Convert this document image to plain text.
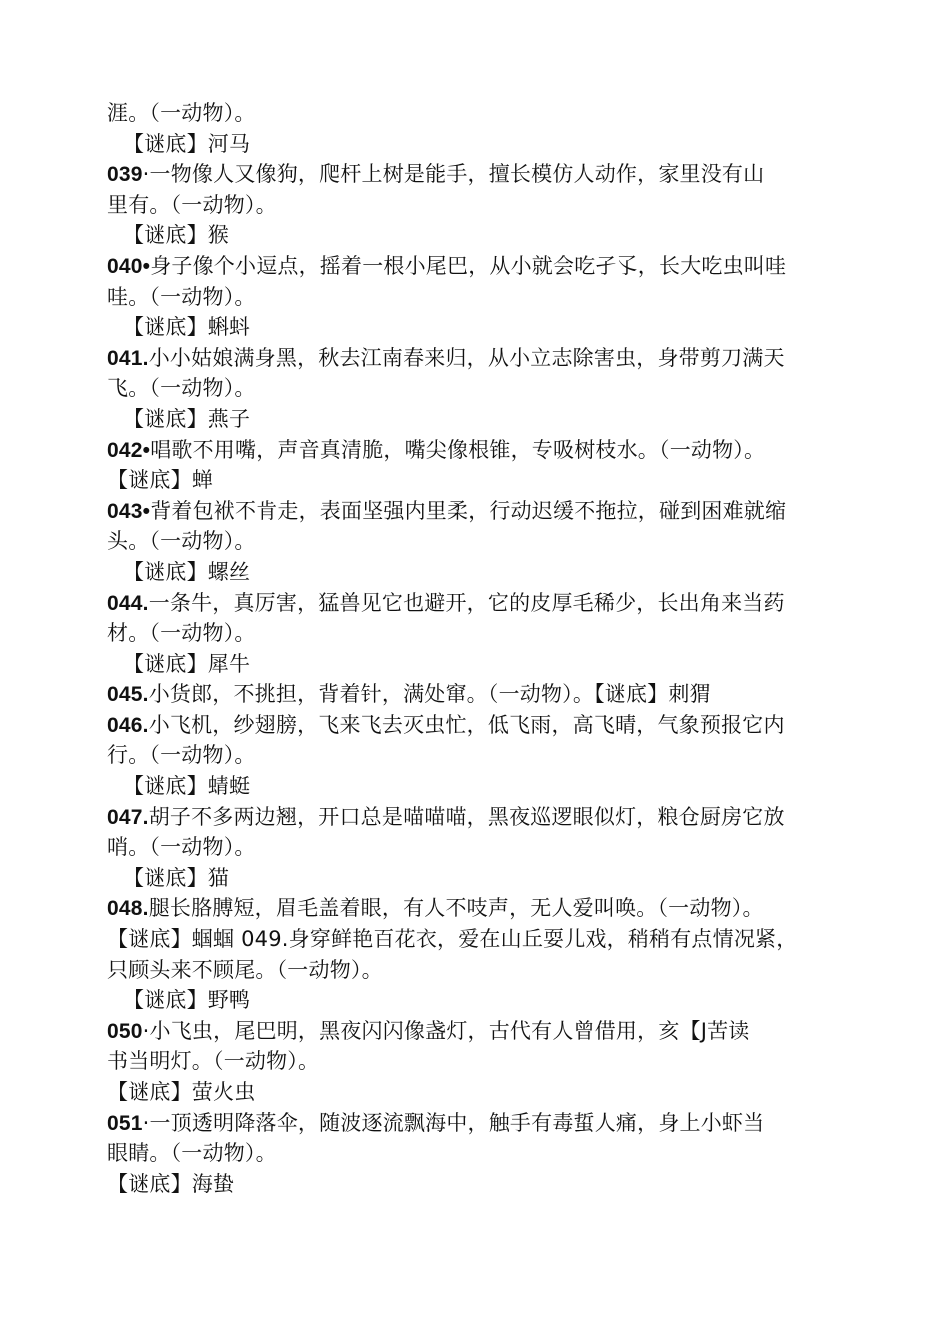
涯。（一动物）。
【谜底】河马
039·一物像人又像狗，爬杆上树是能手，擅长模仿人动作，家里没有山
里有。（一动物）。
【谜底】猴
040•身子像个小逗点，摇着一根小尾巴，从小就会吃孑孓，长大吃虫叫哇
哇。（一动物）。
【谜底】蝌蚪
041.小小姑娘满身黑，秋去江南春来归，从小立志除害虫，身带剪刀满天
飞。（一动物）。
【谜底】燕子
042•唱歌不用嘴，声音真清脆，嘴尖像根锥，专吸树枝水。（一动物）。
【谜底】蝉
043•背着包袱不肯走，表面坚强内里柔，行动迟缓不拖拉，碰到困难就缩
头。（一动物）。
【谜底】螺丝
044.一条牛，真厉害，猛兽见它也避开，它的皮厚毛稀少，长出角来当药
材。（一动物）。
【谜底】犀牛
045.小货郎，不挑担，背着针，满处窜。（一动物）。【谜底】刺猬
046.小飞机，纱翅膀，飞来飞去灭虫忙，低飞雨，高飞晴，气象预报它内
行。（一动物）。
【谜底】蜻蜓
047.胡子不多两边翘，开口总是喵喵喵，黑夜巡逻眼似灯，粮仓厨房它放
哨。（一动物）。
【谜底】猫
048.腿长胳膊短，眉毛盖着眼，有人不吱声，无人爱叫唤。（一动物）。
【谜底】蝈蝈 049.身穿鲜艳百花衣，爱在山丘耍儿戏，稍稍有点情况紧，
只顾头来不顾尾。（一动物）。
【谜底】野鸭
050·小飞虫，尾巴明，黑夜闪闪像盏灯，古代有人曾借用，亥【J苦读
书当明灯。（一动物）。
【谜底】萤火虫
051·一顶透明降落伞，随波逐流飘海中，触手有毒蜇人痛，身上小虾当
眼睛。（一动物）。
【谜底】海蛰
